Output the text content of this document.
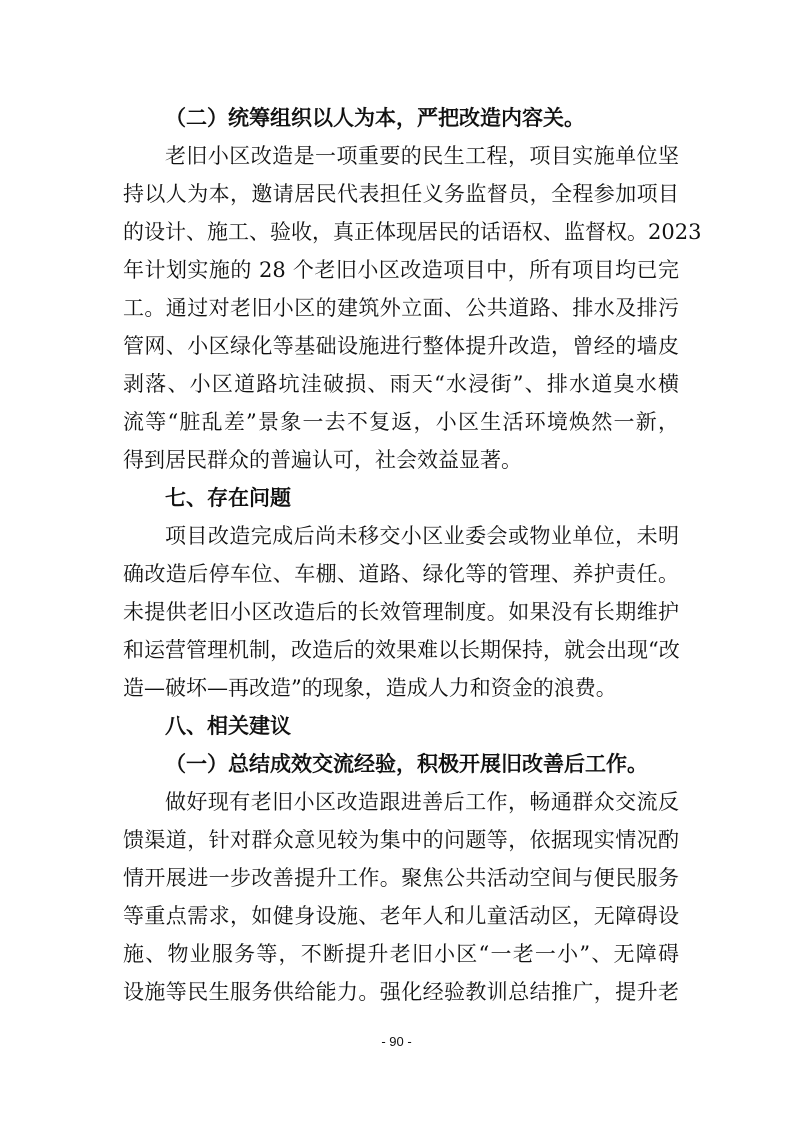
（二）统筹组织以人为本，严把改造内容关。
老旧小区改造是一项重要的民生工程，项目实施单位坚
持以人为本，邀请居民代表担任义务监督员，全程参加项目
的设计、施工、验收，真正体现居民的话语权、监督权。2023
年计划实施的 28 个老旧小区改造项目中，所有项目均已完
工。通过对老旧小区的建筑外立面、公共道路、排水及排污
管网、小区绿化等基础设施进行整体提升改造，曾经的墙皮
剥落、小区道路坑洼破损、雨天“水浸街”、排水道臭水横
流等“脏乱差”景象一去不复返，小区生活环境焕然一新，
得到居民群众的普遍认可，社会效益显著。
七、存在问题
项目改造完成后尚未移交小区业委会或物业单位，未明
确改造后停车位、车棚、道路、绿化等的管理、养护责任。
未提供老旧小区改造后的长效管理制度。如果没有长期维护
和运营管理机制，改造后的效果难以长期保持，就会出现“改
造—破坏—再改造”的现象，造成人力和资金的浪费。
八、相关建议
（一）总结成效交流经验，积极开展旧改善后工作。
做好现有老旧小区改造跟进善后工作，畅通群众交流反
馈渠道，针对群众意见较为集中的问题等，依据现实情况酌
情开展进一步改善提升工作。聚焦公共活动空间与便民服务
等重点需求，如健身设施、老年人和儿童活动区，无障碍设
施、物业服务等，不断提升老旧小区“一老一小”、无障碍
设施等民生服务供给能力。强化经验教训总结推广，提升老
- 90 -
